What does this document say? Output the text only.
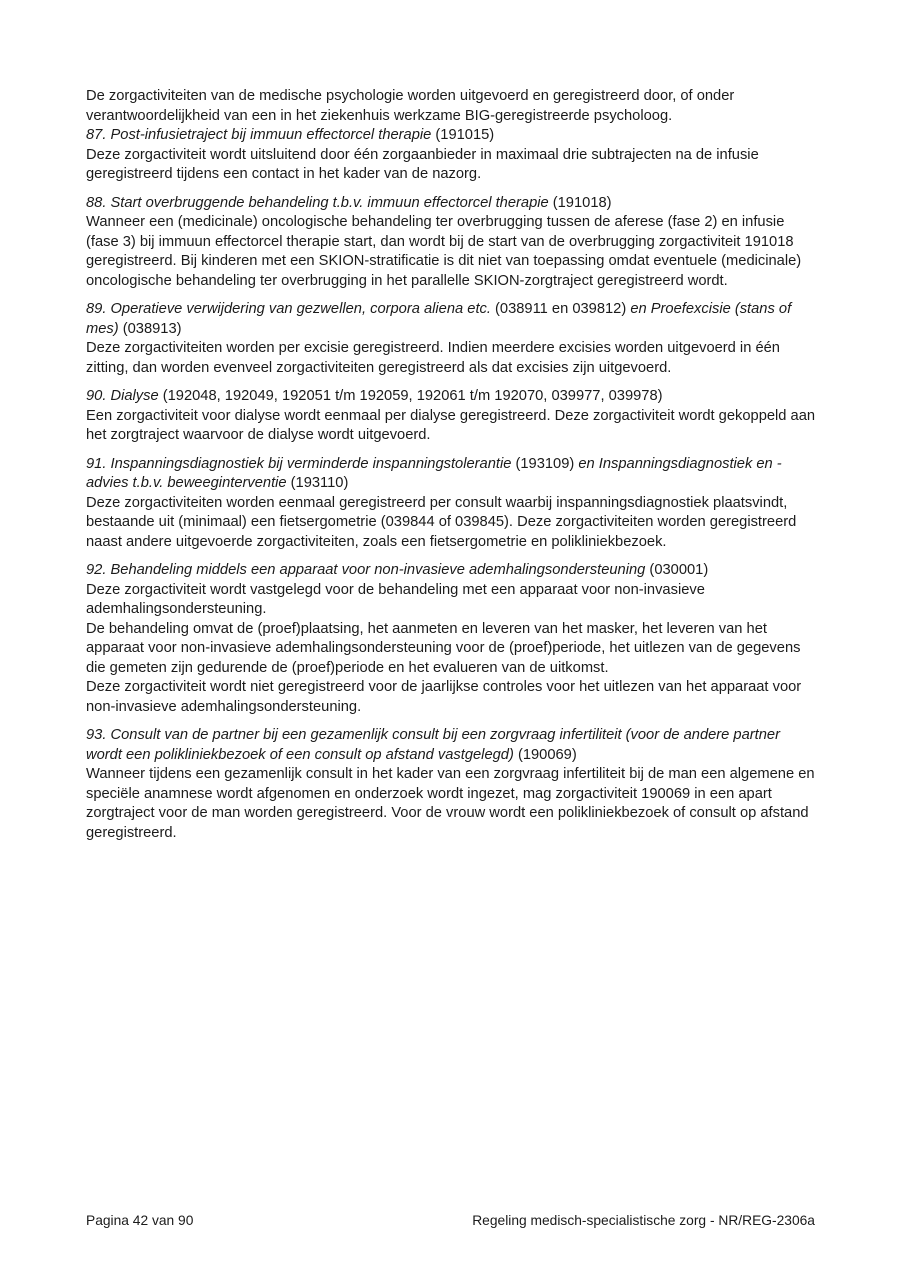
De zorgactiviteiten van de medische psychologie worden uitgevoerd en geregistreerd door, of onder verantwoordelijkheid van een in het ziekenhuis werkzame BIG-geregistreerde psycholoog.

87. Post-infusietraject bij immuun effectorcel therapie (191015)

Deze zorgactiviteit wordt uitsluitend door één zorgaanbieder in maximaal drie subtrajecten na de infusie geregistreerd tijdens een contact in het kader van de nazorg.

88. Start overbruggende behandeling t.b.v. immuun effectorcel therapie (191018)

Wanneer een (medicinale) oncologische behandeling ter overbrugging tussen de aferese (fase 2) en infusie (fase 3) bij immuun effectorcel therapie start, dan wordt bij de start van de overbrugging zorgactiviteit 191018 geregistreerd. Bij kinderen met een SKION-stratificatie is dit niet van toepassing omdat eventuele (medicinale) oncologische behandeling ter overbrugging in het parallelle SKION-zorgtraject geregistreerd wordt.

89. Operatieve verwijdering van gezwellen, corpora aliena etc. (038911 en 039812) en Proefexcisie (stans of mes) (038913)

Deze zorgactiviteiten worden per excisie geregistreerd. Indien meerdere excisies worden uitgevoerd in één zitting, dan worden evenveel zorgactiviteiten geregistreerd als dat excisies zijn uitgevoerd.

90. Dialyse (192048, 192049, 192051 t/m 192059, 192061 t/m 192070, 039977, 039978)

Een zorgactiviteit voor dialyse wordt eenmaal per dialyse geregistreerd. Deze zorgactiviteit wordt gekoppeld aan het zorgtraject waarvoor de dialyse wordt uitgevoerd.

91. Inspanningsdiagnostiek bij verminderde inspanningstolerantie (193109) en Inspanningsdiagnostiek en -advies t.b.v. beweeginterventie (193110)

Deze zorgactiviteiten worden eenmaal geregistreerd per consult waarbij inspanningsdiagnostiek plaatsvindt, bestaande uit (minimaal) een fietsergometrie (039844 of 039845). Deze zorgactiviteiten worden geregistreerd naast andere uitgevoerde zorgactiviteiten, zoals een fietsergometrie en polikliniekbezoek.

92. Behandeling middels een apparaat voor non-invasieve ademhalingsondersteuning (030001)

Deze zorgactiviteit wordt vastgelegd voor de behandeling met een apparaat voor non-invasieve ademhalingsondersteuning.

De behandeling omvat de (proef)plaatsing, het aanmeten en leveren van het masker, het leveren van het apparaat voor non-invasieve ademhalingsondersteuning voor de (proef)periode, het uitlezen van de gegevens die gemeten zijn gedurende de (proef)periode en het evalueren van de uitkomst.

Deze zorgactiviteit wordt niet geregistreerd voor de jaarlijkse controles voor het uitlezen van het apparaat voor non-invasieve ademhalingsondersteuning.

93. Consult van de partner bij een gezamenlijk consult bij een zorgvraag infertiliteit (voor de andere partner wordt een polikliniekbezoek of een consult op afstand vastgelegd) (190069)

Wanneer tijdens een gezamenlijk consult in het kader van een zorgvraag infertiliteit bij de man een algemene en speciële anamnese wordt afgenomen en onderzoek wordt ingezet, mag zorgactiviteit 190069 in een apart zorgtraject voor de man worden geregistreerd. Voor de vrouw wordt een polikliniekbezoek of consult op afstand geregistreerd.

Pagina 42 van 90	Regeling medisch-specialistische zorg - NR/REG-2306a
